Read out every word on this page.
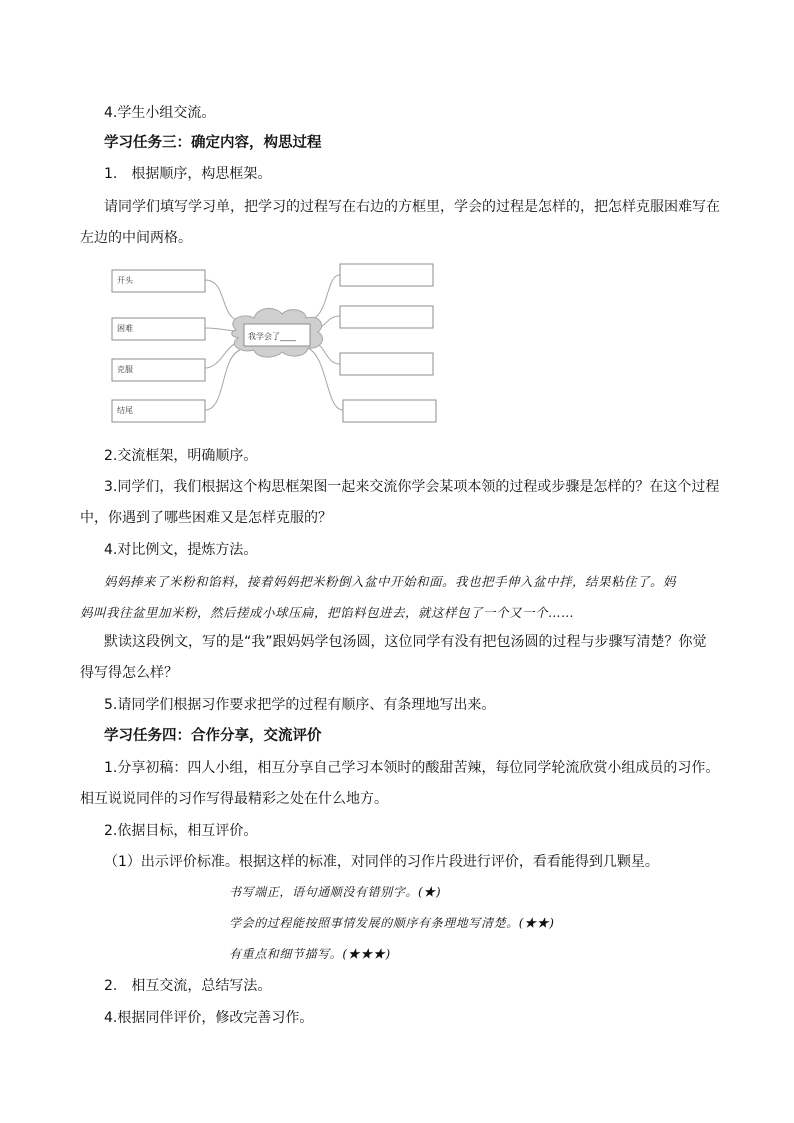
4.学生小组交流。
学习任务三：确定内容，构思过程
1.　根据顺序，构思框架。
请同学们填写学习单，把学习的过程写在右边的方框里，学会的过程是怎样的，把怎样克服困难写在
左边的中间两格。
我学会了____
开头
困难
克服
结尾
2.交流框架，明确顺序。
3.同学们，我们根据这个构思框架图一起来交流你学会某项本领的过程或步骤是怎样的？在这个过程
中，你遇到了哪些困难又是怎样克服的？
4.对比例文，提炼方法。
妈妈捧来了米粉和馅料，接着妈妈把米粉倒入盆中开始和面。我也把手伸入盆中拌，结果粘住了。妈
妈叫我往盆里加米粉，然后搓成小球压扁，把馅料包进去，就这样包了一个又一个……
默读这段例文，写的是“我”跟妈妈学包汤圆，这位同学有没有把包汤圆的过程与步骤写清楚？你觉
得写得怎么样？
5.请同学们根据习作要求把学的过程有顺序、有条理地写出来。
学习任务四：合作分享，交流评价
1.分享初稿：四人小组，相互分享自己学习本领时的酸甜苦辣，每位同学轮流欣赏小组成员的习作。
相互说说同伴的习作写得最精彩之处在什么地方。
2.依据目标，相互评价。
（1）出示评价标准。根据这样的标准，对同伴的习作片段进行评价，看看能得到几颗星。
书写端正，语句通顺没有错别字。(★)
学会的过程能按照事情发展的顺序有条理地写清楚。(★★)
有重点和细节描写。(★★★)
2.　相互交流，总结写法。
4.根据同伴评价，修改完善习作。
